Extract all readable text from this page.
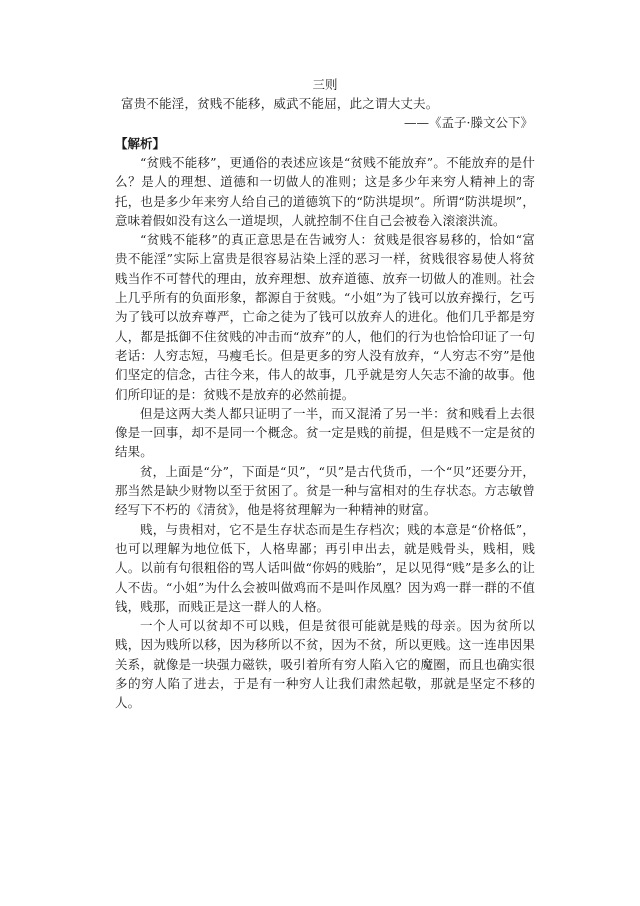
三则
富贵不能淫，贫贱不能移，威武不能屈，此之谓大丈夫。
——《孟子·滕文公下》
【解析】

“贫贱不能移”，更通俗的表述应该是“贫贱不能放弃”。不能放弃的是什么？是人的理想、道德和一切做人的准则；这是多少年来穷人精神上的寄托，也是多少年来穷人给自己的道德筑下的“防洪堤坝”。所谓“防洪堤坝”，意味着假如没有这么一道堤坝，人就控制不住自己会被卷入滚滚洪流。

“贫贱不能移”的真正意思是在告诫穷人：贫贱是很容易移的，恰如“富贵不能淫”实际上富贵是很容易沾染上淫的恶习一样，贫贱很容易使人将贫贱当作不可替代的理由，放弃理想、放弃道德、放弃一切做人的准则。社会上几乎所有的负面形象，都源自于贫贱。“小姐”为了钱可以放弃操行，乞丐为了钱可以放弃尊严，亡命之徒为了钱可以放弃人的进化。他们几乎都是穷人，都是抵御不住贫贱的冲击而“放弃”的人，他们的行为也恰恰印证了一句老话：人穷志短，马瘦毛长。但是更多的穷人没有放弃，“人穷志不穷”是他们坚定的信念，古往今来，伟人的故事，几乎就是穷人矢志不渝的故事。他们所印证的是：贫贱不是放弃的必然前提。

但是这两大类人都只证明了一半，而又混淆了另一半：贫和贱看上去很像是一回事，却不是同一个概念。贫一定是贱的前提，但是贱不一定是贫的结果。

贫，上面是“分”，下面是“贝”，“贝”是古代货币，一个“贝”还要分开，那当然是缺少财物以至于贫困了。贫是一种与富相对的生存状态。方志敏曾经写下不朽的《清贫》，他是将贫理解为一种精神的财富。

贱，与贵相对，它不是生存状态而是生存档次；贱的本意是“价格低”，也可以理解为地位低下，人格卑鄙；再引申出去，就是贱骨头，贱相，贱人。以前有句很粗俗的骂人话叫做“你妈的贱胎”，足以见得“贱”是多么的让人不齿。“小姐”为什么会被叫做鸡而不是叫作凤凰？因为鸡一群一群的不值钱，贱那，而贱正是这一群人的人格。

一个人可以贫却不可以贱，但是贫很可能就是贱的母亲。因为贫所以贱，因为贱所以移，因为移所以不贫，因为不贫，所以更贱。这一连串因果关系，就像是一块强力磁铁，吸引着所有穷人陷入它的魔圈，而且也确实很多的穷人陷了进去，于是有一种穷人让我们肃然起敬，那就是坚定不移的人。
